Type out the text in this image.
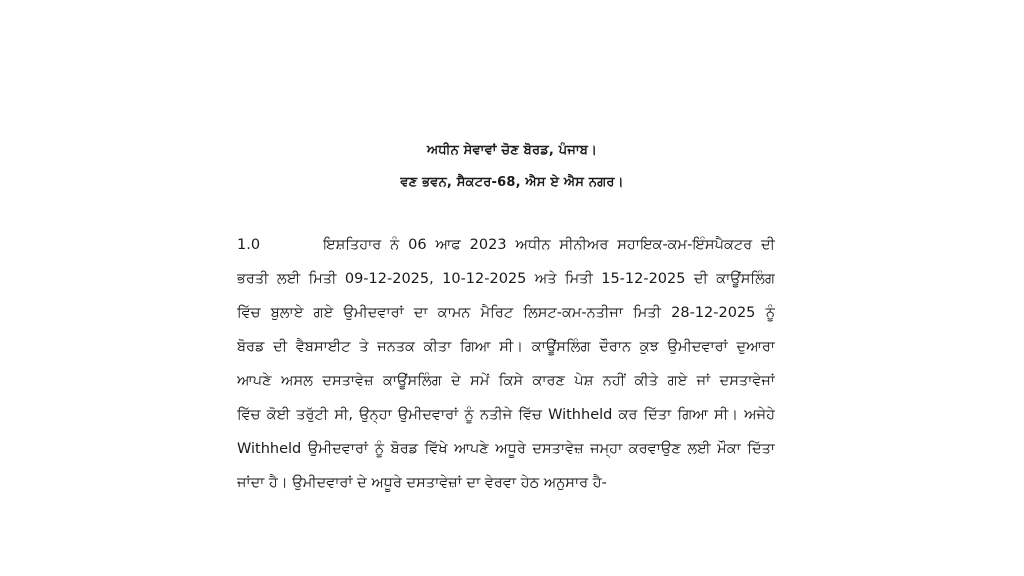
ਅਧੀਨ ਸੇਵਾਵਾਂ ਚੋਣ ਬੋਰਡ, ਪੰਜਾਬ।
ਵਣ ਭਵਨ, ਸੈਕਟਰ-68, ਐਸ ਏ ਐਸ ਨਗਰ।
1.0	ਇਸ਼ਤਿਹਾਰ ਨੰ 06 ਆਫ 2023 ਅਧੀਨ ਸੀਨੀਅਰ ਸਹਾਇਕ-ਕਮ-ਇੰਸਪੈਕਟਰ ਦੀ
ਭਰਤੀ ਲਈ ਮਿਤੀ 09-12-2025, 10-12-2025 ਅਤੇ ਮਿਤੀ 15-12-2025 ਦੀ ਕਾਊਂਸਲਿੰਗ
ਵਿੱਚ ਬੁਲਾਏ ਗਏ ਉਮੀਦਵਾਰਾਂ ਦਾ ਕਾਮਨ ਮੈਰਿਟ ਲਿਸਟ-ਕਮ-ਨਤੀਜਾ ਮਿਤੀ 28-12-2025 ਨੂੰ
ਬੋਰਡ ਦੀ ਵੈਬਸਾਈਟ ਤੇ ਜਨਤਕ ਕੀਤਾ ਗਿਆ ਸੀ। ਕਾਊਂਸਲਿੰਗ ਦੌਰਾਨ ਕੁਝ ਉਮੀਦਵਾਰਾਂ ਦੁਆਰਾ
ਆਪਣੇ ਅਸਲ ਦਸਤਾਵੇਜ਼ ਕਾਊਂਸਲਿੰਗ ਦੇ ਸਮੇਂ ਕਿਸੇ ਕਾਰਣ ਪੇਸ਼ ਨਹੀਂ ਕੀਤੇ ਗਏ ਜਾਂ ਦਸਤਾਵੇਜਾਂ
ਵਿੱਚ ਕੋਈ ਤਰੁੱਟੀ ਸੀ, ਉਨ੍ਹਾ ਉਮੀਦਵਾਰਾਂ ਨੂੰ ਨਤੀਜੇ ਵਿੱਚ Withheld ਕਰ ਦਿੱਤਾ ਗਿਆ ਸੀ। ਅਜੇਹੇ
Withheld ਉਮੀਦਵਾਰਾਂ ਨੂੰ ਬੋਰਡ ਵਿੱਖੇ ਆਪਣੇ ਅਧੂਰੇ ਦਸਤਾਵੇਜ਼ ਜਮ੍ਹਾ ਕਰਵਾਉਣ ਲਈ ਮੌਕਾ ਦਿੱਤਾ
ਜਾਂਦਾ ਹੈ। ਉਮੀਦਵਾਰਾਂ ਦੇ ਅਧੂਰੇ ਦਸਤਾਵੇਜ਼ਾਂ ਦਾ ਵੇਰਵਾ ਹੇਠ ਅਨੁਸਾਰ ਹੈ-
